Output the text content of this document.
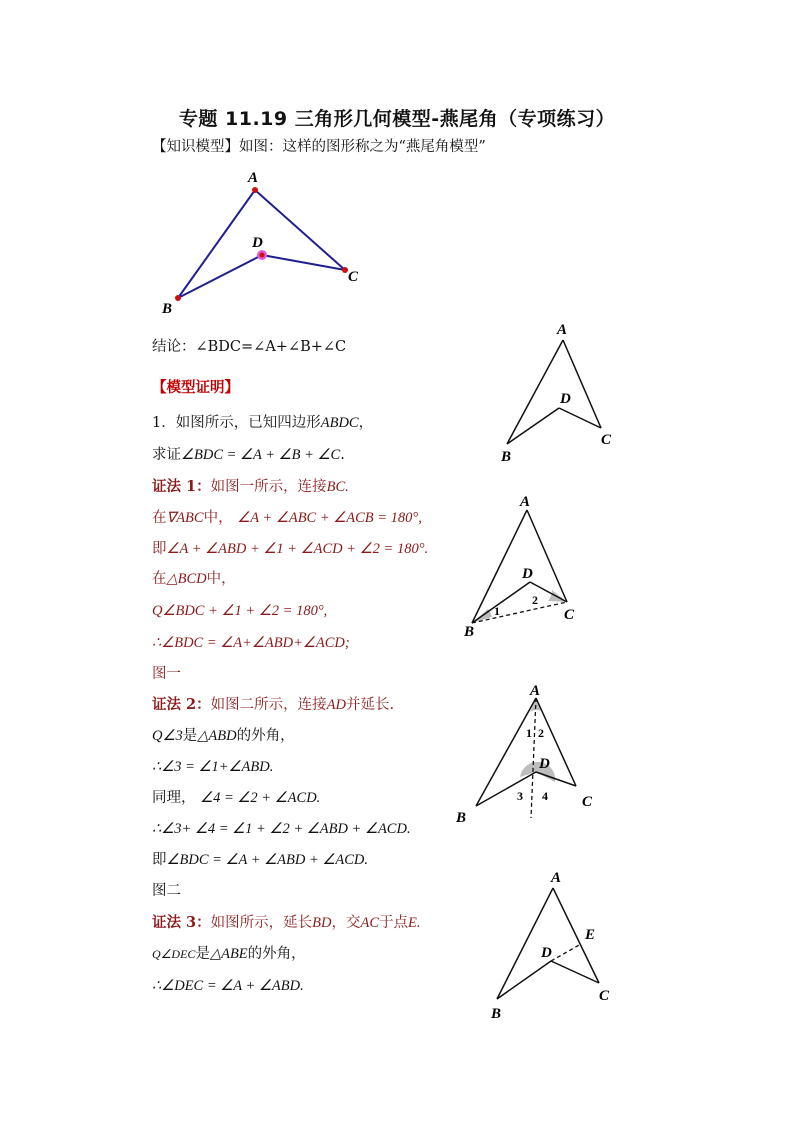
专题 11.19 三角形几何模型-燕尾角（专项练习）
【知识模型】如图：这样的图形称之为“燕尾角模型”
A
D
C
B
结论：∠BDC=∠A+∠B+∠C
【模型证明】
1．如图所示，已知四边形ABDC，
求证∠BDC = ∠A + ∠B + ∠C.
A
D
C
B
证法 1：如图一所示，连接BC.
在∇ABC中， ∠A + ∠ABC + ∠ACB = 180°,
即∠A + ∠ABD + ∠1 + ∠ACD + ∠2 = 180°.
在△BCD中，
Q∠BDC + ∠1 + ∠2 = 180°,
∴∠BDC = ∠A+∠ABD+∠ACD;
图一
A
D
C
B
1
2
证法 2：如图二所示，连接AD并延长.
Q∠3是△ABD的外角，
∴∠3 = ∠1+∠ABD.
同理， ∠4 = ∠2 + ∠ACD.
∴∠3+ ∠4 = ∠1 + ∠2 + ∠ABD + ∠ACD.
即∠BDC = ∠A + ∠ABD + ∠ACD.
图二
A
D
C
B
1 2
3 4
证法 3：如图所示，延长BD，交AC于点E.
Q∠DEC是△ABE的外角，
∴∠DEC = ∠A + ∠ABD.
A
E
D
C
B
